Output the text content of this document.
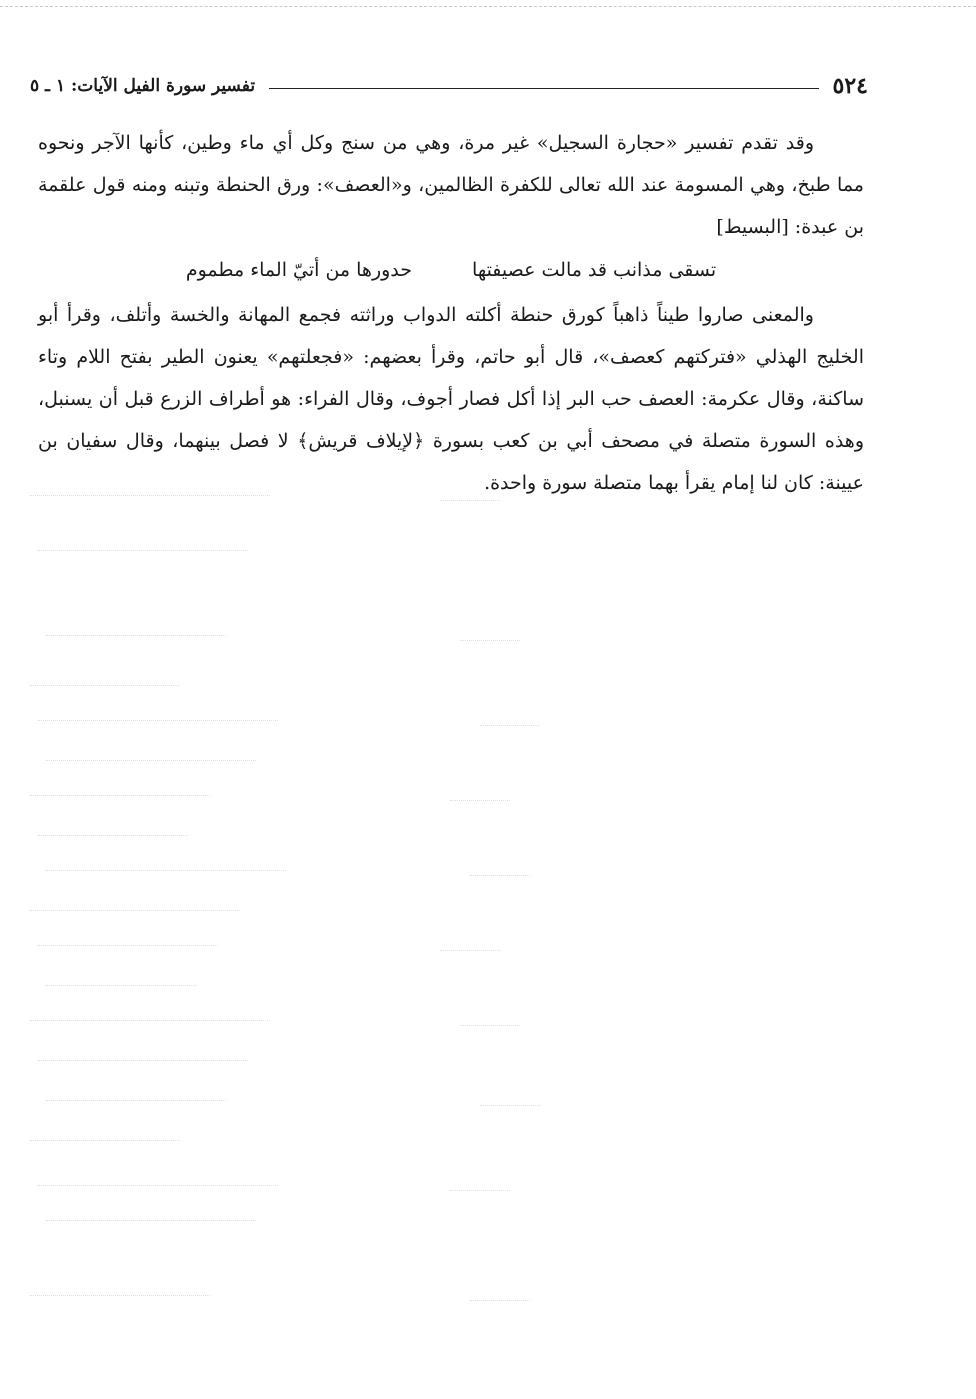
٥٢٤
تفسير سورة الفيل الآيات: ١ ـ ٥

وقد تقدم تفسير «حجارة السجيل» غير مرة، وهي من سنج وكل أي ماء وطين، كأنها الآجر ونحوه مما طبخ، وهي المسومة عند الله تعالى للكفرة الظالمين، و«العصف»: ورق الحنطة وتبنه ومنه قول علقمة بن عبدة: [البسيط]

تسقى مذانب قد مالت عصيفتها
حدورها من أتيّ الماء مطموم

والمعنى صاروا طيناً ذاهباً كورق حنطة أكلته الدواب وراثته فجمع المهانة والخسة وأتلف، وقرأ أبو الخليج الهذلي «فتركتهم كعصف»، قال أبو حاتم، وقرأ بعضهم: «فجعلتهم» يعنون الطير بفتح اللام وتاء ساكنة، وقال عكرمة: العصف حب البر إذا أكل فصار أجوف، وقال الفراء: هو أطراف الزرع قبل أن يسنبل، وهذه السورة متصلة في مصحف أبي بن كعب بسورة ﴿لإيلاف قريش﴾ لا فصل بينهما، وقال سفيان بن عيينة: كان لنا إمام يقرأ بهما متصلة سورة واحدة.
